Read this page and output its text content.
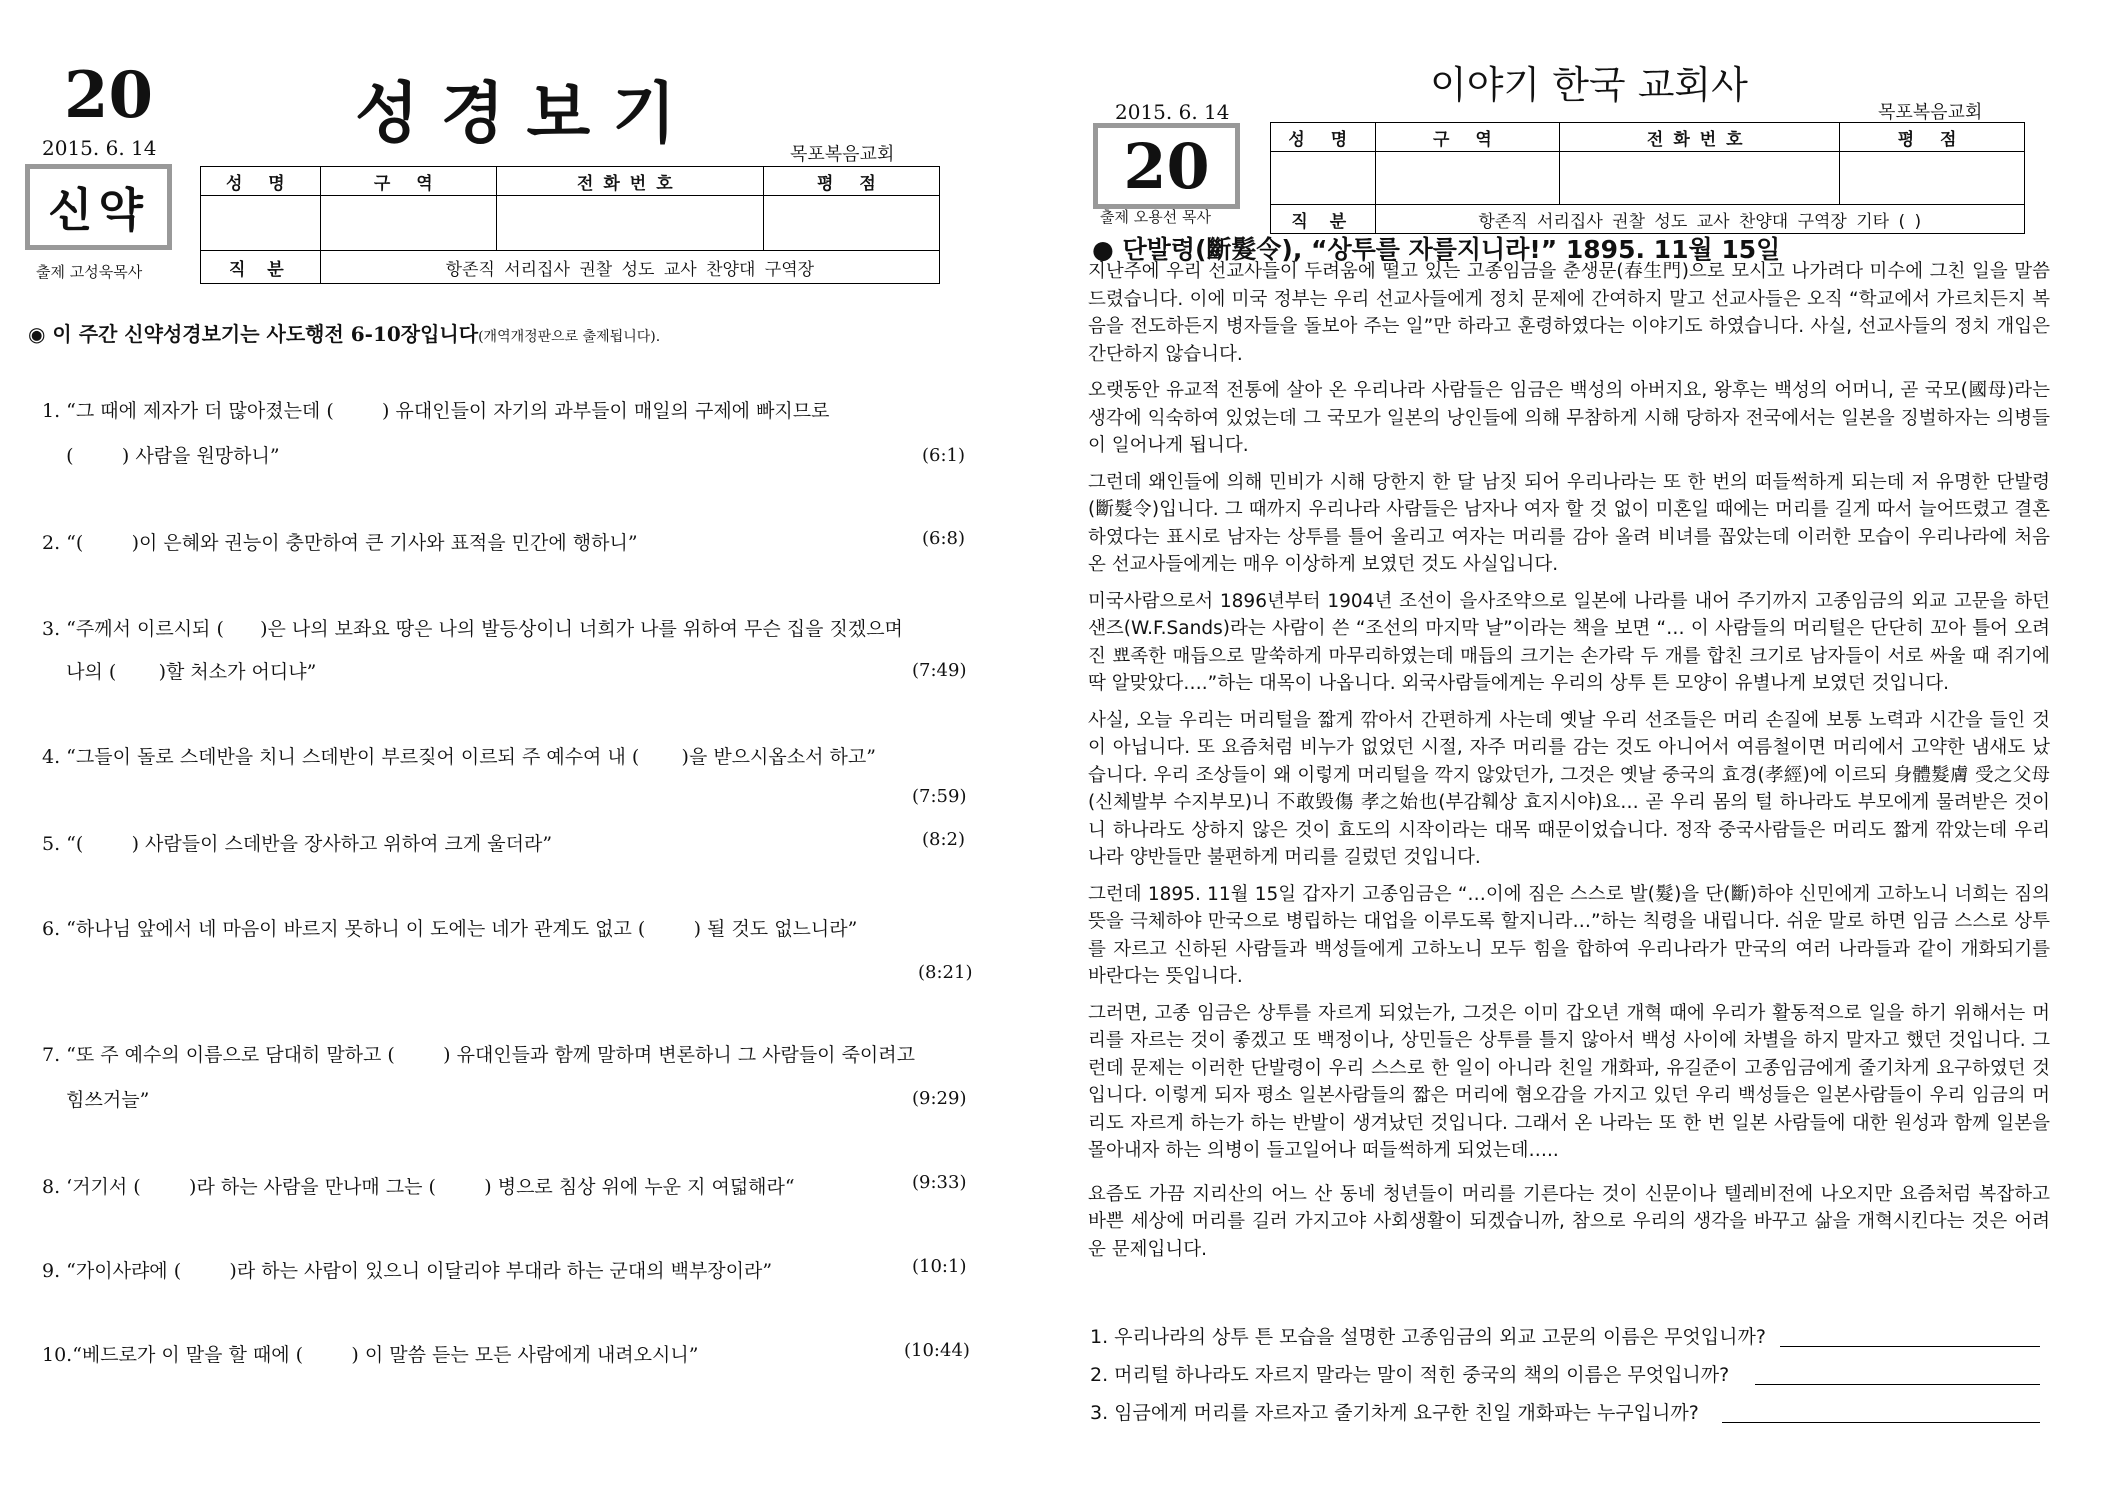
20	성경보기
2015. 6. 14	목포복음교회
신약
출제 고성욱목사
성 명	구 역	전화번호	평 점

직 분	항존직 서리집사 권찰 성도 교사 찬양대 구역장		
◉ 이 주간 신약성경보기는 사도행전 6-10장입니다(개역개정판으로 출제됩니다).
1. “그 때에 제자가 더 많아졌는데 (        ) 유대인들이 자기의 과부들이 매일의 구제에 빠지므로
(        ) 사람을 원망하니”	(6:1)
2. “(        )이 은혜와 권능이 충만하여 큰 기사와 표적을 민간에 행하니”	(6:8)
3. “주께서 이르시되 (      )은 나의 보좌요 땅은 나의 발등상이니 너희가 나를 위하여 무슨 집을 짓겠으며
나의 (       )할 처소가 어디냐”	(7:49)
4. “그들이 돌로 스데반을 치니 스데반이 부르짖어 이르되 주 예수여 내 (       )을 받으시옵소서 하고”
(7:59)
5. “(        ) 사람들이 스데반을 장사하고 위하여 크게 울더라”	(8:2)
6. “하나님 앞에서 네 마음이 바르지 못하니 이 도에는 네가 관계도 없고 (        ) 될 것도 없느니라”
(8:21)
7. “또 주 예수의 이름으로 담대히 말하고 (        ) 유대인들과 함께 말하며 변론하니 그 사람들이 죽이려고
힘쓰거늘”	(9:29)
8. ‘거기서 (        )라 하는 사람을 만나매 그는 (        ) 병으로 침상 위에 누운 지 여덟해라“	(9:33)
9. “가이사랴에 (        )라 하는 사람이 있으니 이달리야 부대라 하는 군대의 백부장이라”	(10:1)
10.“베드로가 이 말을 할 때에 (        ) 이 말씀 듣는 모든 사람에게 내려오시니”	(10:44)
이야기 한국 교회사
2015. 6. 14	목포복음교회
20
출제 오용선 목사
성 명	구 역	전화번호	평 점

직 분	항존직 서리집사 권찰 성도 교사 찬양대 구역장 기타 ( )		
● 단발령(斷髮令), “상투를 자를지니라!” 1895. 11월 15일

지난주에 우리 선교사들이 두려움에 떨고 있는 고종임금을 춘생문(春生門)으로 모시고 나가려다 미수에 그친 일을 말씀드렸습니다. 이에 미국 정부는 우리 선교사들에게 정치 문제에 간여하지 말고 선교사들은 오직 “학교에서 가르치든지 복음을 전도하든지 병자들을 돌보아 주는 일”만 하라고 훈령하였다는 이야기도 하였습니다. 사실, 선교사들의 정치 개입은 간단하지 않습니다.

오랫동안 유교적 전통에 살아 온 우리나라 사람들은 임금은 백성의 아버지요, 왕후는 백성의 어머니, 곧 국모(國母)라는 생각에 익숙하여 있었는데 그 국모가 일본의 낭인들에 의해 무참하게 시해 당하자 전국에서는 일본을 징벌하자는 의병들이 일어나게 됩니다.

그런데 왜인들에 의해 민비가 시해 당한지 한 달 남짓 되어 우리나라는 또 한 번의 떠들썩하게 되는데 저 유명한 단발령(斷髮令)입니다. 그 때까지 우리나라 사람들은 남자나 여자 할 것 없이 미혼일 때에는 머리를 길게 따서 늘어뜨렸고 결혼하였다는 표시로 남자는 상투를 틀어 올리고 여자는 머리를 감아 올려 비녀를 꼽았는데 이러한 모습이 우리나라에 처음 온 선교사들에게는 매우 이상하게 보였던 것도 사실입니다.

미국사람으로서 1896년부터 1904년 조선이 을사조약으로 일본에 나라를 내어 주기까지 고종임금의 외교 고문을 하던 샌즈(W.F.Sands)라는 사람이 쓴 “조선의 마지막 날”이라는 책을 보면 “… 이 사람들의 머리털은 단단히 꼬아 틀어 오려진 뾰족한 매듭으로 말쑥하게 마무리하였는데 매듭의 크기는 손가락 두 개를 합친 크기로 남자들이 서로 싸울 때 쥐기에 딱 알맞았다….”하는 대목이 나옵니다. 외국사람들에게는 우리의 상투 튼 모양이 유별나게 보였던 것입니다.

사실, 오늘 우리는 머리털을 짧게 깎아서 간편하게 사는데 옛날 우리 선조들은 머리 손질에 보통 노력과 시간을 들인 것이 아닙니다. 또 요즘처럼 비누가 없었던 시절, 자주 머리를 감는 것도 아니어서 여름철이면 머리에서 고약한 냄새도 났습니다. 우리 조상들이 왜 이렇게 머리털을 깍지 않았던가, 그것은 옛날 중국의 효경(孝經)에 이르되 身體髮膚 受之父母(신체발부 수지부모)니 不敢毁傷 孝之始也(부감훼상 효지시야)요… 곧 우리 몸의 털 하나라도 부모에게 물려받은 것이니 하나라도 상하지 않은 것이 효도의 시작이라는 대목 때문이었습니다. 정작 중국사람들은 머리도 짧게 깎았는데 우리나라 양반들만 불편하게 머리를 길렀던 것입니다.

그런데 1895. 11월 15일 갑자기 고종임금은 “…이에 짐은 스스로 발(髮)을 단(斷)하야 신민에게 고하노니 너희는 짐의 뜻을 극체하야 만국으로 병립하는 대업을 이루도록 할지니라…”하는 칙령을 내립니다. 쉬운 말로 하면 임금 스스로 상투를 자르고 신하된 사람들과 백성들에게 고하노니 모두 힘을 합하여 우리나라가 만국의 여러 나라들과 같이 개화되기를 바란다는 뜻입니다.

그러면, 고종 임금은 상투를 자르게 되었는가, 그것은 이미 갑오년 개혁 때에 우리가 활동적으로 일을 하기 위해서는 머리를 자르는 것이 좋겠고 또 백정이나, 상민들은 상투를 틀지 않아서 백성 사이에 차별을 하지 말자고 했던 것입니다. 그런데 문제는 이러한 단발령이 우리 스스로 한 일이 아니라 친일 개화파, 유길준이 고종임금에게 줄기차게 요구하였던 것입니다. 이렇게 되자 평소 일본사람들의 짧은 머리에 혐오감을 가지고 있던 우리 백성들은 일본사람들이 우리 임금의 머리도 자르게 하는가 하는 반발이 생겨났던 것입니다. 그래서 온 나라는 또 한 번 일본 사람들에 대한 원성과 함께 일본을 몰아내자 하는 의병이 들고일어나 떠들썩하게 되었는데…..

요즘도 가끔 지리산의 어느 산 동네 청년들이 머리를 기른다는 것이 신문이나 텔레비전에 나오지만 요즘처럼 복잡하고 바쁜 세상에 머리를 길러 가지고야 사회생활이 되겠습니까, 참으로 우리의 생각을 바꾸고 삶을 개혁시킨다는 것은 어려운 문제입니다.

1. 우리나라의 상투 튼 모습을 설명한 고종임금의 외교 고문의 이름은 무엇입니까?
2. 머리털 하나라도 자르지 말라는 말이 적힌 중국의 책의 이름은 무엇입니까?
3. 임금에게 머리를 자르자고 줄기차게 요구한 친일 개화파는 누구입니까?
